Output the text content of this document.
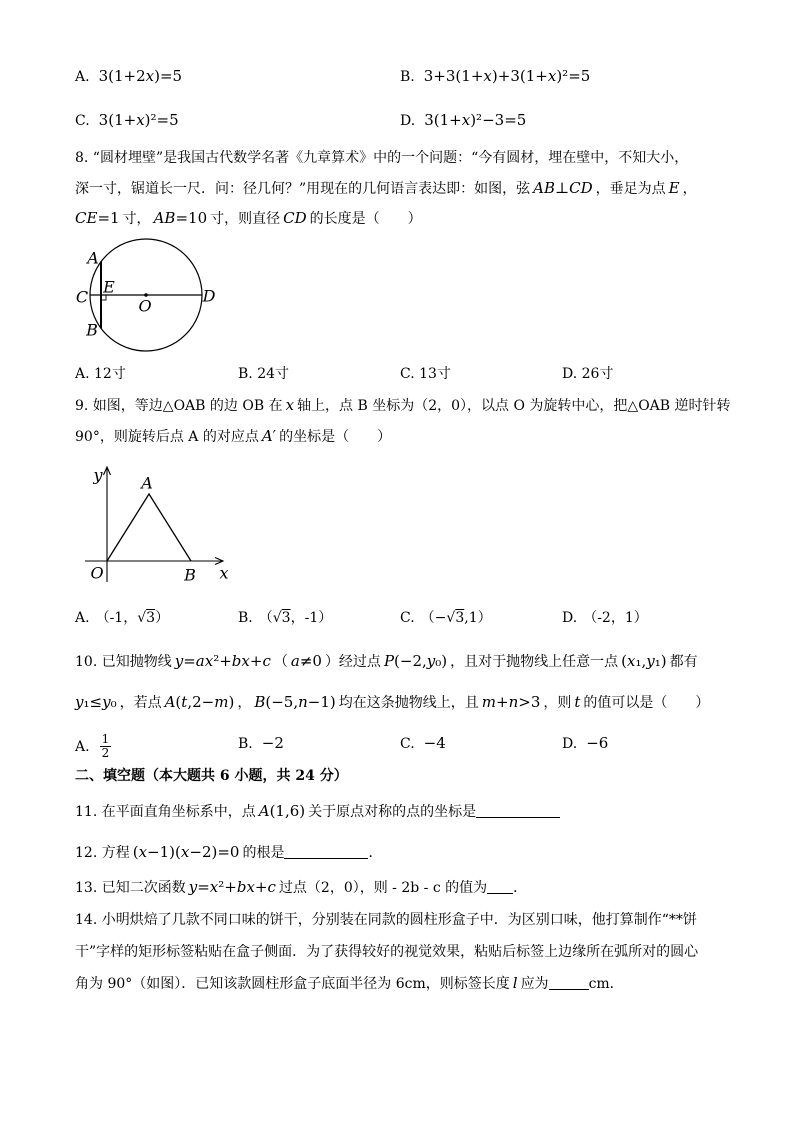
A. 3(1+2x)=5	B. 3+3(1+x)+3(1+x)²=5
C. 3(1+x)²=5	D. 3(1+x)²−3=5
8. “圆材埋壁”是我国古代数学名著《九章算术》中的一个问题：“今有圆材，埋在壁中，不知大小，
深一寸，锯道长一尺．问：径几何？”用现在的几何语言表达即：如图，弦 AB⊥CD ，垂足为点 E ，
CE=1 寸， AB=10 寸，则直径 CD 的长度是（　　）
A
C
E
O
D
B
A. 12寸	B. 24寸	C. 13寸	D. 26寸
9. 如图，等边△OAB 的边 OB 在 x 轴上，点 B 坐标为（2，0），以点 O 为旋转中心，把△OAB 逆时针转
90°，则旋转后点 A 的对应点 A′ 的坐标是（　　）
y A
O	B x
A. （-1，√3）	B. （√3，-1）	C. （−√3,1）	D. （-2，1）
10. 已知抛物线 y=ax²+bx+c （ a≠0 ）经过点 P(−2,y₀) ，且对于抛物线上任意一点 (x₁,y₁) 都有
y₁≤y₀ ，若点 A(t,2−m) ， B(−5,n−1) 均在这条抛物线上，且 m+n>3 ，则 t 的值可以是（　　）
A. $\frac{1}{2}$	B. −2	C. −4	D. −6
二、填空题（本大题共 6 小题，共 24 分）
11. 在平面直角坐标系中，点 A(1,6) 关于原点对称的点的坐标是
12. 方程 (x−1)(x−2)=0 的根是	．
13. 已知二次函数 y=x²+bx+c 过点（2，0），则 - 2b - c 的值为 ．
14. 小明烘焙了几款不同口味的饼干，分别装在同款的圆柱形盒子中．为区别口味，他打算制作“**饼
干”字样的矩形标签粘贴在盒子侧面．为了获得较好的视觉效果，粘贴后标签上边缘所在弧所对的圆心
角为 90°（如图）．已知该款圆柱形盒子底面半径为 6cm，则标签长度 l 应为	cm．
